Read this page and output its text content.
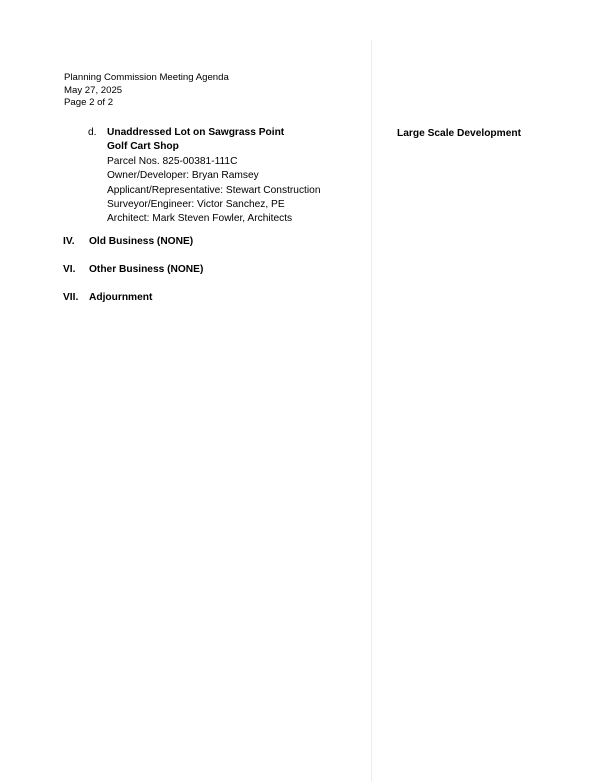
Planning Commission Meeting Agenda
May 27, 2025
Page 2 of 2
d.	Unaddressed Lot on Sawgrass Point
Golf Cart Shop
Parcel Nos. 825-00381-111C
Owner/Developer: Bryan Ramsey
Applicant/Representative: Stewart Construction
Surveyor/Engineer: Victor Sanchez, PE
Architect: Mark Steven Fowler, Architects
Large Scale Development
IV. Old Business (NONE)
VI. Other Business (NONE)
VII. Adjournment
